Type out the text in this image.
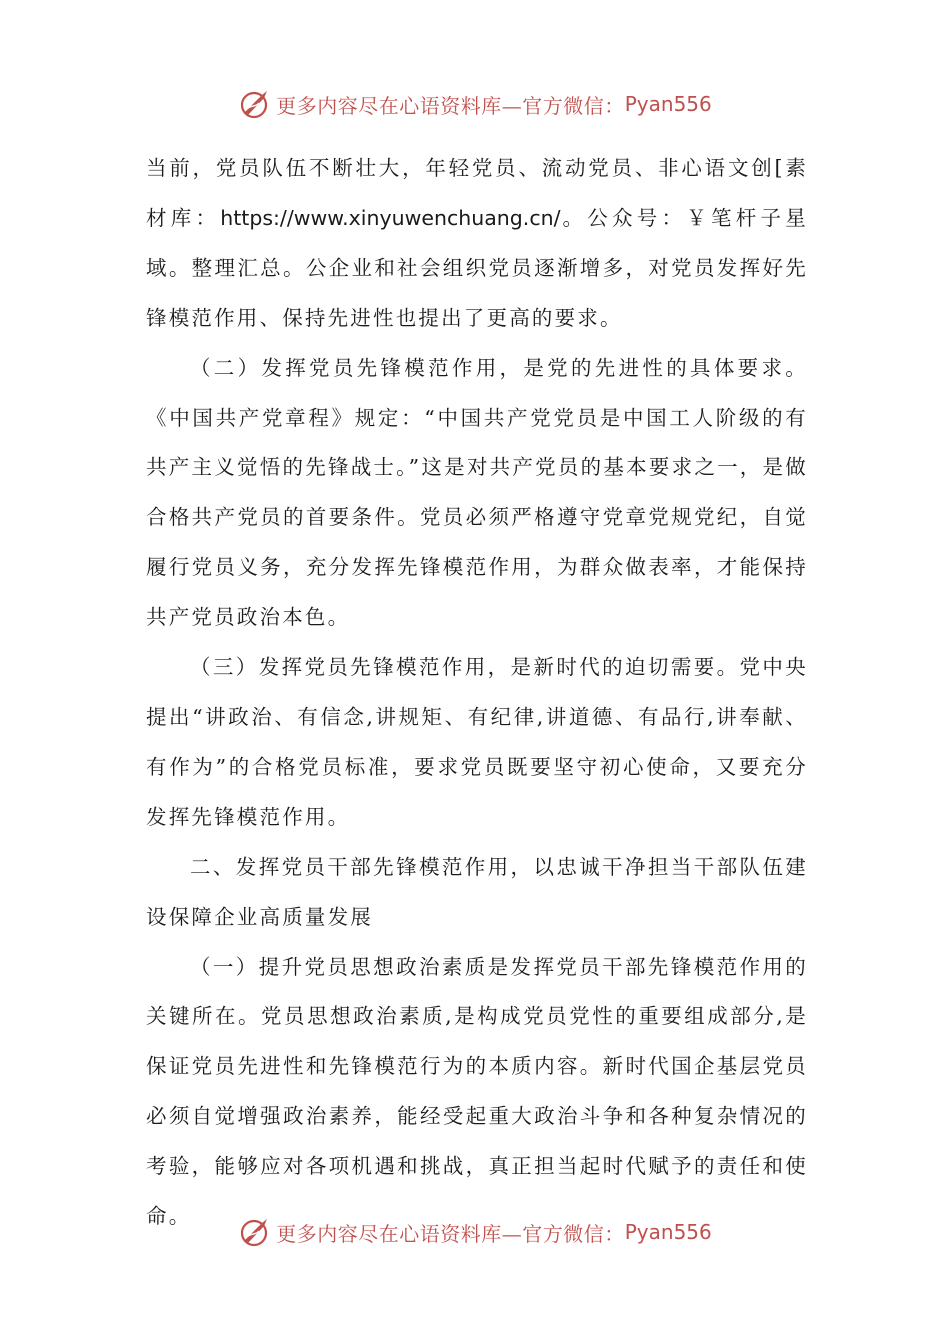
更多内容尽在心语资料库—官方微信： Pyan556

当前，党员队伍不断壮大，年轻党员、流动党员、非心语文创[素材库：https://www.xinyuwenchuang.cn/。公众号：￥笔杆子星域。整理汇总。公企业和社会组织党员逐渐增多，对党员发挥好先锋模范作用、保持先进性也提出了更高的要求。

（二）发挥党员先锋模范作用，是党的先进性的具体要求。《中国共产党章程》规定：“中国共产党党员是中国工人阶级的有共产主义觉悟的先锋战士。”这是对共产党员的基本要求之一，是做合格共产党员的首要条件。党员必须严格遵守党章党规党纪，自觉履行党员义务，充分发挥先锋模范作用，为群众做表率，才能保持共产党员政治本色。

（三）发挥党员先锋模范作用，是新时代的迫切需要。党中央提出“讲政治、有信念,讲规矩、有纪律,讲道德、有品行,讲奉献、有作为”的合格党员标准，要求党员既要坚守初心使命，又要充分发挥先锋模范作用。

二、发挥党员干部先锋模范作用，以忠诚干净担当干部队伍建设保障企业高质量发展

（一）提升党员思想政治素质是发挥党员干部先锋模范作用的关键所在。党员思想政治素质,是构成党员党性的重要组成部分,是保证党员先进性和先锋模范行为的本质内容。新时代国企基层党员必须自觉增强政治素养，能经受起重大政治斗争和各种复杂情况的考验，能够应对各项机遇和挑战，真正担当起时代赋予的责任和使命。

更多内容尽在心语资料库—官方微信： Pyan556
